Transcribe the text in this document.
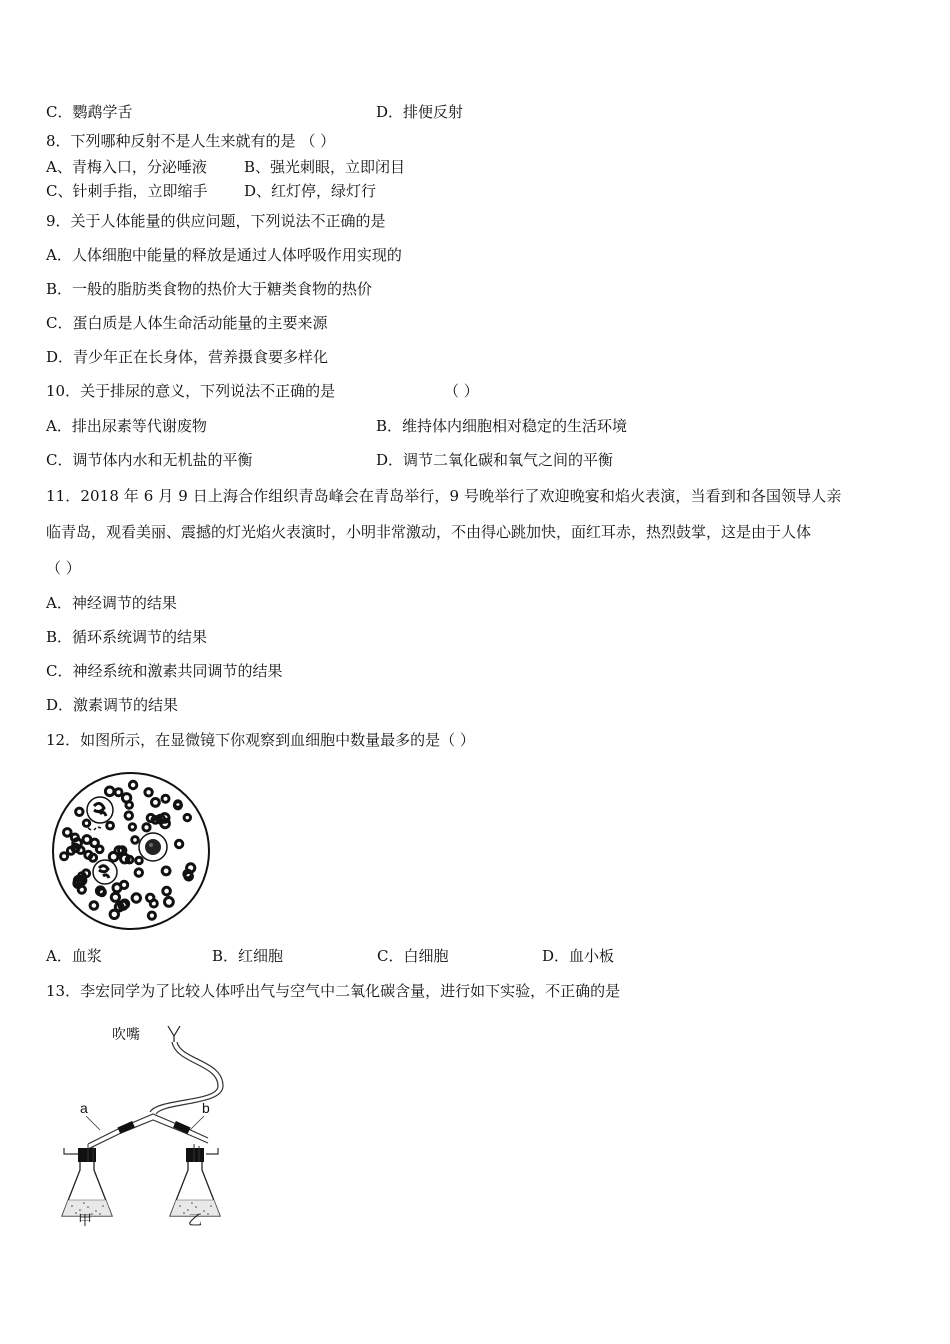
C．鹦鹉学舌	D．排便反射
8．下列哪种反射不是人生来就有的是 （ ）
A、青梅入口，分泌唾液 B、强光刺眼，立即闭目
C、针刺手指，立即缩手 D、红灯停，绿灯行
9．关于人体能量的供应问题，下列说法不正确的是
A．人体细胞中能量的释放是通过人体呼吸作用实现的
B．一般的脂肪类食物的热价大于糖类食物的热价
C．蛋白质是人体生命活动能量的主要来源
D．青少年正在长身体，营养摄食要多样化
10．关于排尿的意义，下列说法不正确的是	（ ）
A．排出尿素等代谢废物	B．维持体内细胞相对稳定的生活环境
C．调节体内水和无机盐的平衡	D．调节二氧化碳和氧气之间的平衡
11．2018 年 6 月 9 日上海合作组织青岛峰会在青岛举行，9 号晚举行了欢迎晚宴和焰火表演，当看到和各国领导人亲
临青岛，观看美丽、震撼的灯光焰火表演时，小明非常激动，不由得心跳加快，面红耳赤，热烈鼓掌，这是由于人体
（ ）
A．神经调节的结果
B．循环系统调节的结果
C．神经系统和激素共同调节的结果
D．激素调节的结果
12．如图所示，在显微镜下你观察到血细胞中数量最多的是（ ）
A．血浆	B．红细胞	C．白细胞	D．血小板
13．李宏同学为了比较人体呼出气与空气中二氧化碳含量，进行如下实验，不正确的是
吹嘴
a	b
甲	乙
